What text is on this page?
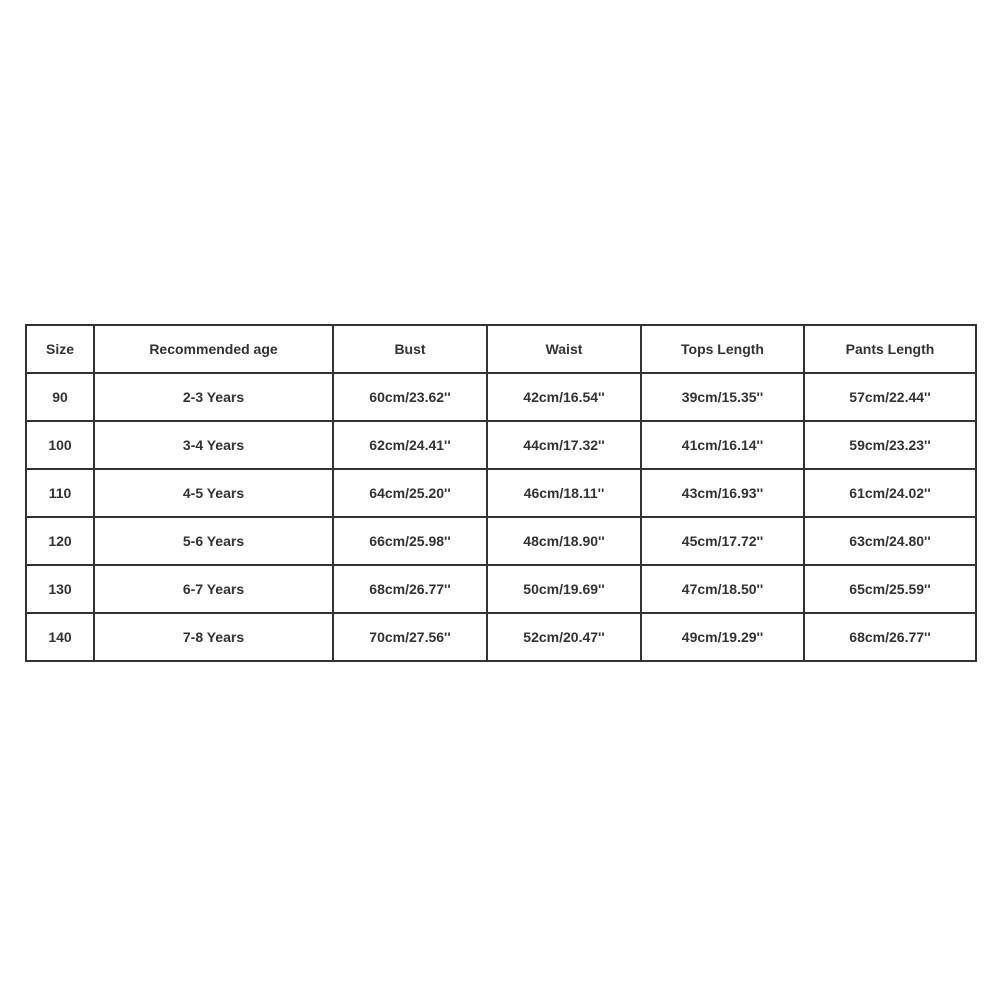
Size	Recommended age	Bust	Waist	Tops Length	Pants Length
90	2-3 Years	60cm/23.62''	42cm/16.54''	39cm/15.35''	57cm/22.44''
100	3-4 Years	62cm/24.41''	44cm/17.32''	41cm/16.14''	59cm/23.23''
110	4-5 Years	64cm/25.20''	46cm/18.11''	43cm/16.93''	61cm/24.02''
120	5-6 Years	66cm/25.98''	48cm/18.90''	45cm/17.72''	63cm/24.80''
130	6-7 Years	68cm/26.77''	50cm/19.69''	47cm/18.50''	65cm/25.59''
140	7-8 Years	70cm/27.56''	52cm/20.47''	49cm/19.29''	68cm/26.77''
